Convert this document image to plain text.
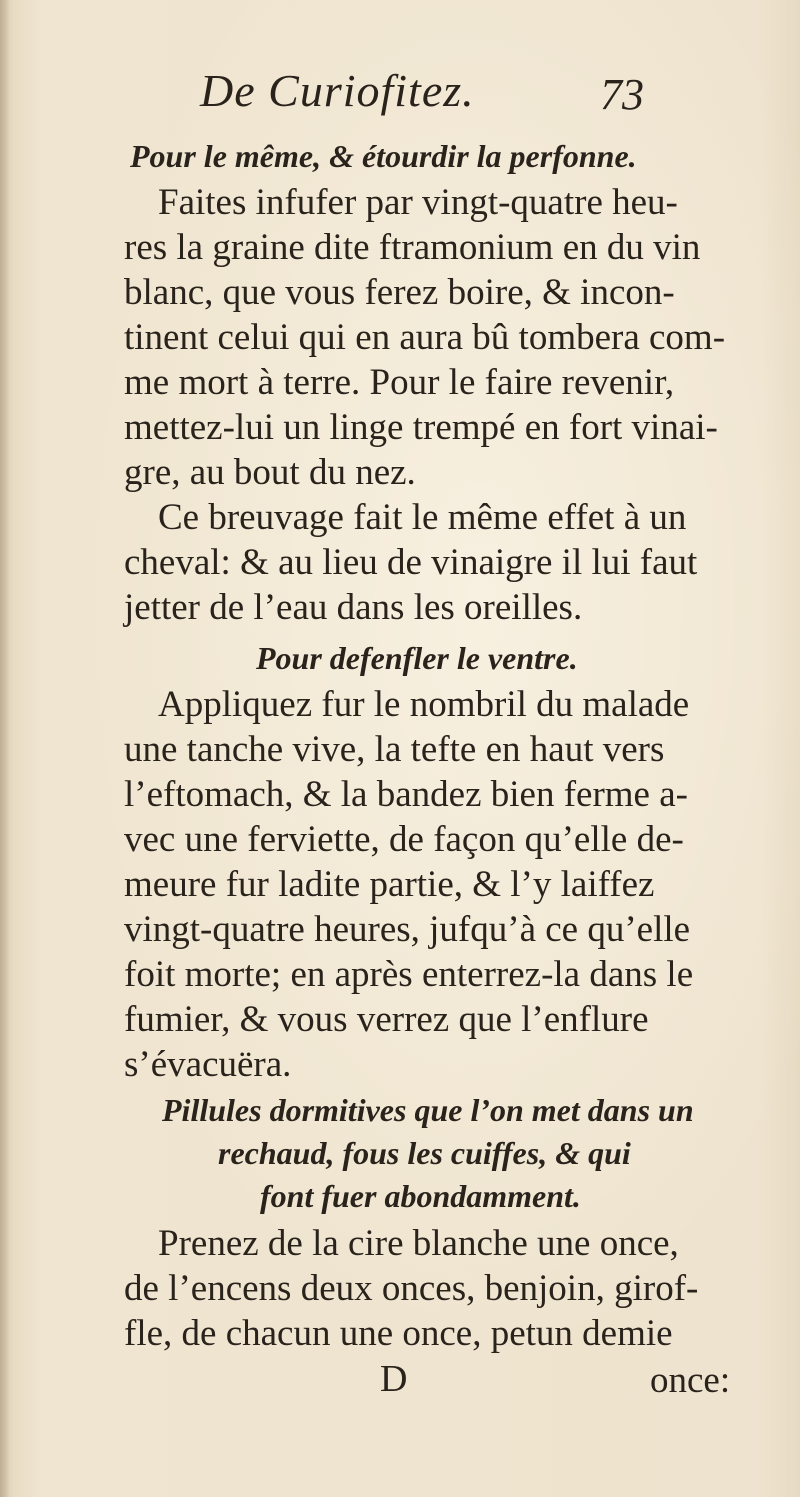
De Curiofitez.	73
Pour le même, & étourdir la perfonne.
Faites infufer par vingt-quatre heu-
res la graine dite ftramonium en du vin
blanc, que vous ferez boire, & incon-
tinent celui qui en aura bû tombera com-
me mort à terre. Pour le faire revenir,
mettez-lui un linge trempé en fort vinai-
gre, au bout du nez.
Ce breuvage fait le même effet à un
cheval: & au lieu de vinaigre il lui faut
jetter de l’eau dans les oreilles.
Pour defenfler le ventre.
Appliquez fur le nombril du malade
une tanche vive, la tefte en haut vers
l’eftomach, & la bandez bien ferme a-
vec une ferviette, de façon qu’elle de-
meure fur ladite partie, & l’y laiffez
vingt-quatre heures, jufqu’à ce qu’elle
foit morte; en après enterrez-la dans le
fumier, & vous verrez que l’enflure
s’évacuëra.
Pillules dormitives que l’on met dans un
rechaud, fous les cuiffes, & qui
font fuer abondamment.
Prenez de la cire blanche une once,
de l’encens deux onces, benjoin, girof-
fle, de chacun une once, petun demie
D	once:
